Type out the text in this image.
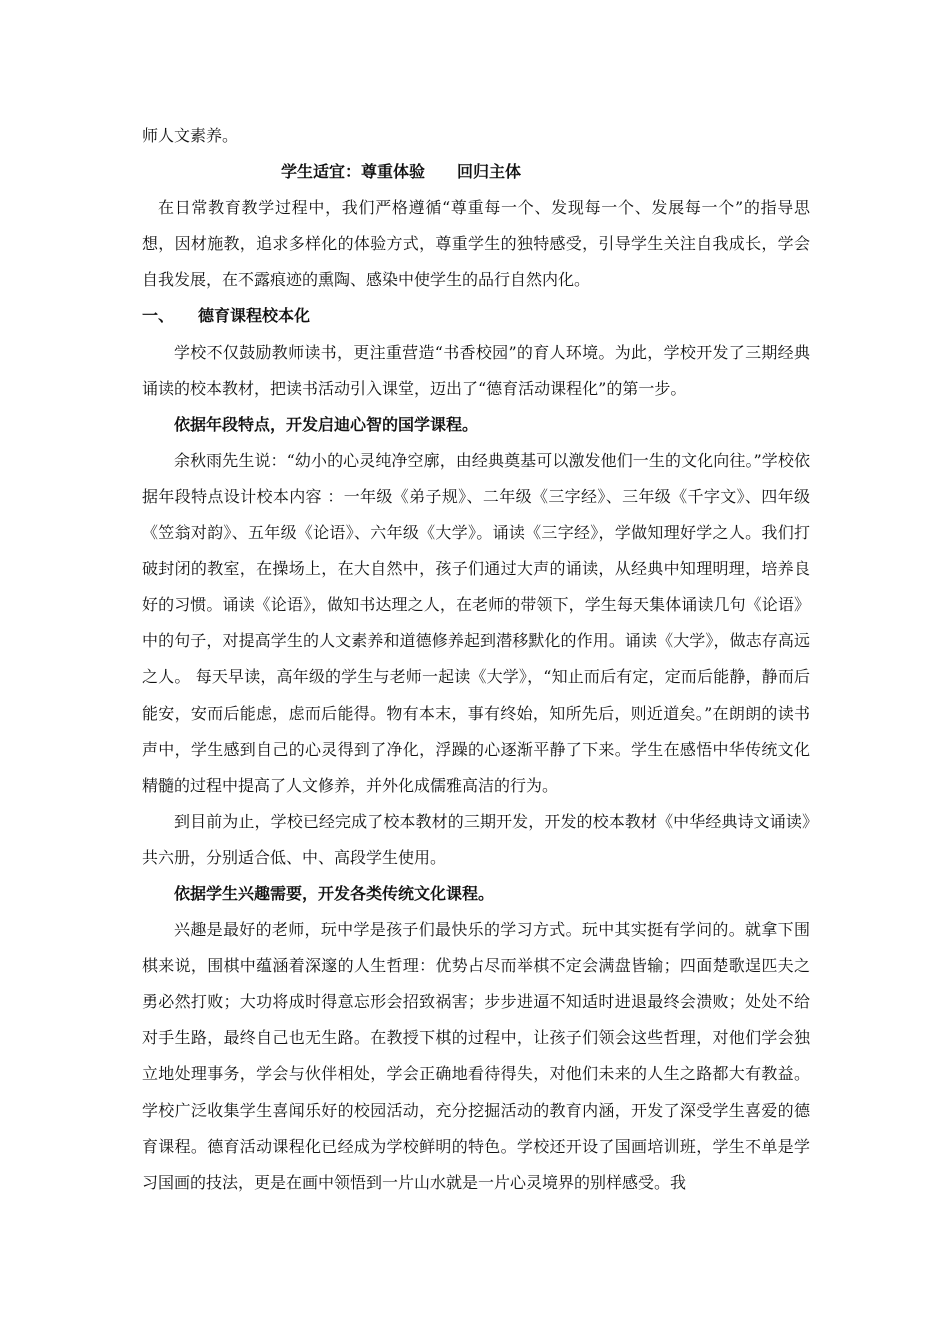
师人文素养。

学生适宜：尊重体验　　回归主体

在日常教育教学过程中，我们严格遵循“尊重每一个、发现每一个、发展每一个”的指导思想，因材施教，追求多样化的体验方式，尊重学生的独特感受，引导学生关注自我成长，学会自我发展，在不露痕迹的熏陶、感染中使学生的品行自然内化。

一、　　德育课程校本化

学校不仅鼓励教师读书，更注重营造“书香校园”的育人环境。为此，学校开发了三期经典诵读的校本教材，把读书活动引入课堂，迈出了“德育活动课程化”的第一步。

依据年段特点，开发启迪心智的国学课程。

余秋雨先生说：“幼小的心灵纯净空廓，由经典奠基可以激发他们一生的文化向往。”学校依据年段特点设计校本内容 ：一年级《弟子规》、二年级《三字经》、三年级《千字文》、四年级《笠翁对韵》、五年级《论语》、六年级《大学》。诵读《三字经》，学做知理好学之人。我们打破封闭的教室，在操场上，在大自然中，孩子们通过大声的诵读，从经典中知理明理，培养良好的习惯。诵读《论语》，做知书达理之人，在老师的带领下，学生每天集体诵读几句《论语》中的句子，对提高学生的人文素养和道德修养起到潜移默化的作用。诵读《大学》，做志存高远之人。 每天早读，高年级的学生与老师一起读《大学》，“知止而后有定，定而后能静，静而后能安，安而后能虑，虑而后能得。物有本末，事有终始，知所先后，则近道矣。”在朗朗的读书声中，学生感到自己的心灵得到了净化，浮躁的心逐渐平静了下来。学生在感悟中华传统文化精髓的过程中提高了人文修养，并外化成儒雅高洁的行为。

到目前为止，学校已经完成了校本教材的三期开发，开发的校本教材《中华经典诗文诵读》共六册，分别适合低、中、高段学生使用。

依据学生兴趣需要，开发各类传统文化课程。

兴趣是最好的老师，玩中学是孩子们最快乐的学习方式。玩中其实挺有学问的。就拿下围棋来说，围棋中蕴涵着深邃的人生哲理：优势占尽而举棋不定会满盘皆输；四面楚歌逞匹夫之勇必然打败；大功将成时得意忘形会招致祸害；步步进逼不知适时进退最终会溃败；处处不给对手生路，最终自己也无生路。在教授下棋的过程中，让孩子们领会这些哲理，对他们学会独立地处理事务，学会与伙伴相处，学会正确地看待得失，对他们未来的人生之路都大有教益。学校广泛收集学生喜闻乐好的校园活动，充分挖掘活动的教育内涵，开发了深受学生喜爱的德育课程。德育活动课程化已经成为学校鲜明的特色。学校还开设了国画培训班，学生不单是学习国画的技法，更是在画中领悟到一片山水就是一片心灵境界的别样感受。我
